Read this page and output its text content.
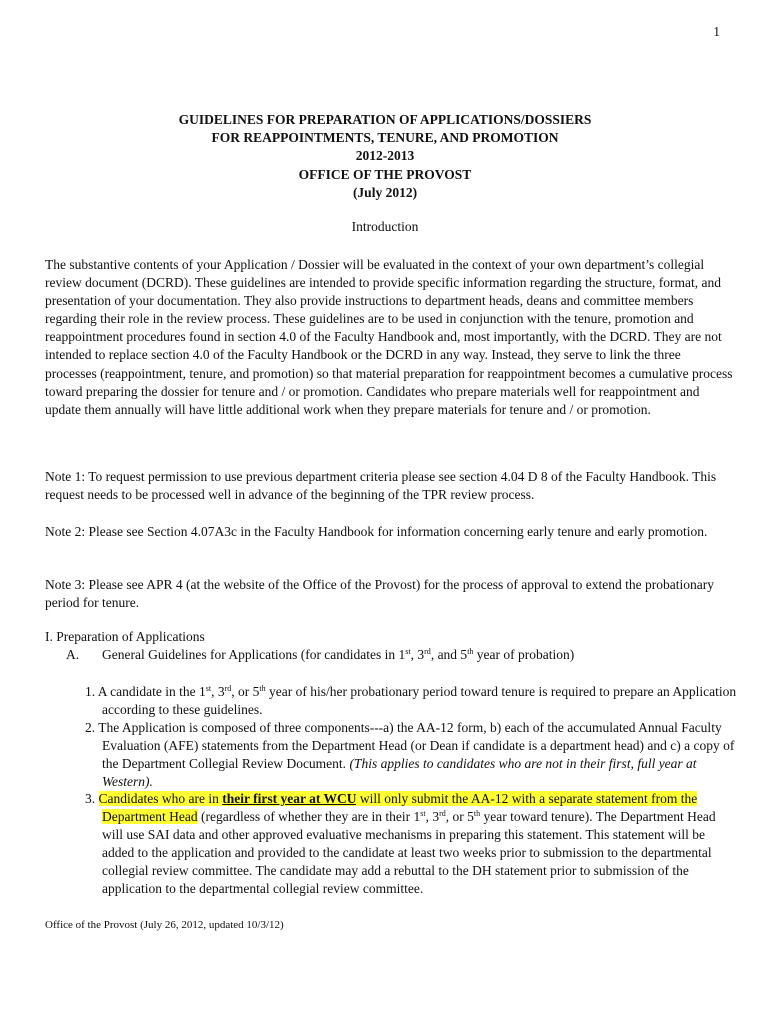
1
GUIDELINES FOR PREPARATION OF APPLICATIONS/DOSSIERS
FOR REAPPOINTMENTS, TENURE, AND PROMOTION
2012-2013
OFFICE OF THE PROVOST
(July 2012)
Introduction

The substantive contents of your Application / Dossier will be evaluated in the context of your own department’s collegial review document (DCRD). These guidelines are intended to provide specific information regarding the structure, format, and presentation of your documentation. They also provide instructions to department heads, deans and committee members regarding their role in the review process. These guidelines are to be used in conjunction with the tenure, promotion and reappointment procedures found in section 4.0 of the Faculty Handbook and, most importantly, with the DCRD. They are not intended to replace section 4.0 of the Faculty Handbook or the DCRD in any way. Instead, they serve to link the three processes (reappointment, tenure, and promotion) so that material preparation for reappointment becomes a cumulative process toward preparing the dossier for tenure and / or promotion. Candidates who prepare materials well for reappointment and update them annually will have little additional work when they prepare materials for tenure and / or promotion.

Note 1: To request permission to use previous department criteria please see section 4.04 D 8 of the Faculty Handbook. This request needs to be processed well in advance of the beginning of the TPR review process.

Note 2: Please see Section 4.07A3c in the Faculty Handbook for information concerning early tenure and early promotion.

Note 3: Please see APR 4 (at the website of the Office of the Provost) for the process of approval to extend the probationary period for tenure.

I. Preparation of Applications
A. General Guidelines for Applications (for candidates in 1st, 3rd, and 5th year of probation)

1. A candidate in the 1st, 3rd, or 5th year of his/her probationary period toward tenure is required to prepare an Application according to these guidelines.

2. The Application is composed of three components---a) the AA-12 form, b) each of the accumulated Annual Faculty Evaluation (AFE) statements from the Department Head (or Dean if candidate is a department head) and c) a copy of the Department Collegial Review Document. (This applies to candidates who are not in their first, full year at Western).

3. Candidates who are in their first year at WCU will only submit the AA-12 with a separate statement from the Department Head (regardless of whether they are in their 1st, 3rd, or 5th year toward tenure). The Department Head will use SAI data and other approved evaluative mechanisms in preparing this statement. This statement will be added to the application and provided to the candidate at least two weeks prior to submission to the departmental collegial review committee. The candidate may add a rebuttal to the DH statement prior to submission of the application to the departmental collegial review committee.

Office of the Provost (July 26, 2012, updated 10/3/12)
